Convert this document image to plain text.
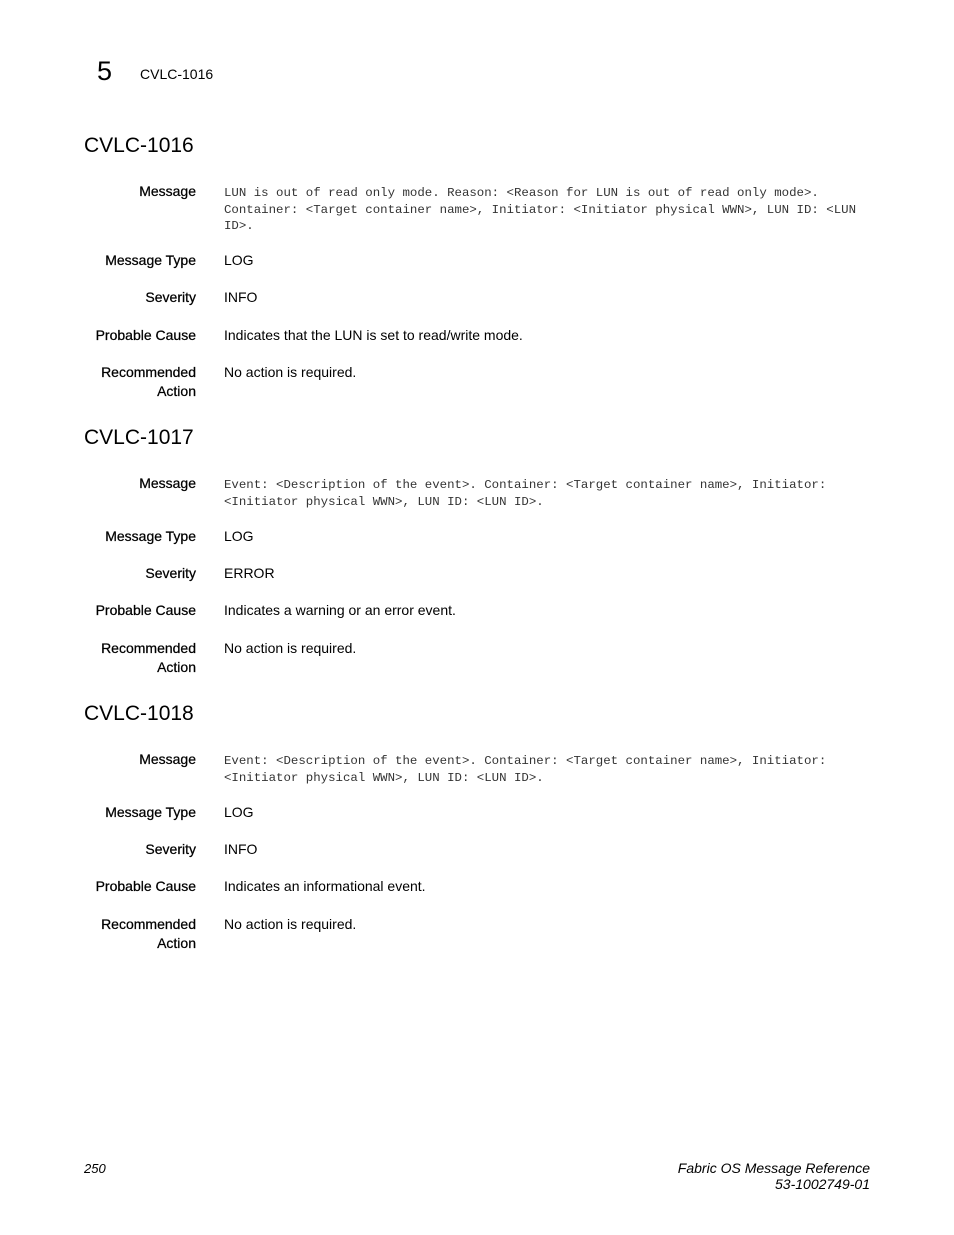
5 CVLC-1016
CVLC-1016
Message LUN is out of read only mode. Reason: <Reason for LUN is out of read only mode>. Container: <Target container name>, Initiator: <Initiator physical WWN>, LUN ID: <LUN ID>.
Message Type LOG
Severity INFO
Probable Cause Indicates that the LUN is set to read/write mode.
Recommended
Action
No action is required.
CVLC-1017
Message Event: <Description of the event>. Container: <Target container name>, Initiator: <Initiator physical WWN>, LUN ID: <LUN ID>.
Message Type LOG
Severity ERROR
Probable Cause Indicates a warning or an error event.
Recommended
Action
No action is required.
CVLC-1018
Message Event: <Description of the event>. Container: <Target container name>, Initiator: <Initiator physical WWN>, LUN ID: <LUN ID>.
Message Type LOG
Severity INFO
Probable Cause Indicates an informational event.
Recommended
Action
No action is required.
250	Fabric OS Message Reference
53-1002749-01
